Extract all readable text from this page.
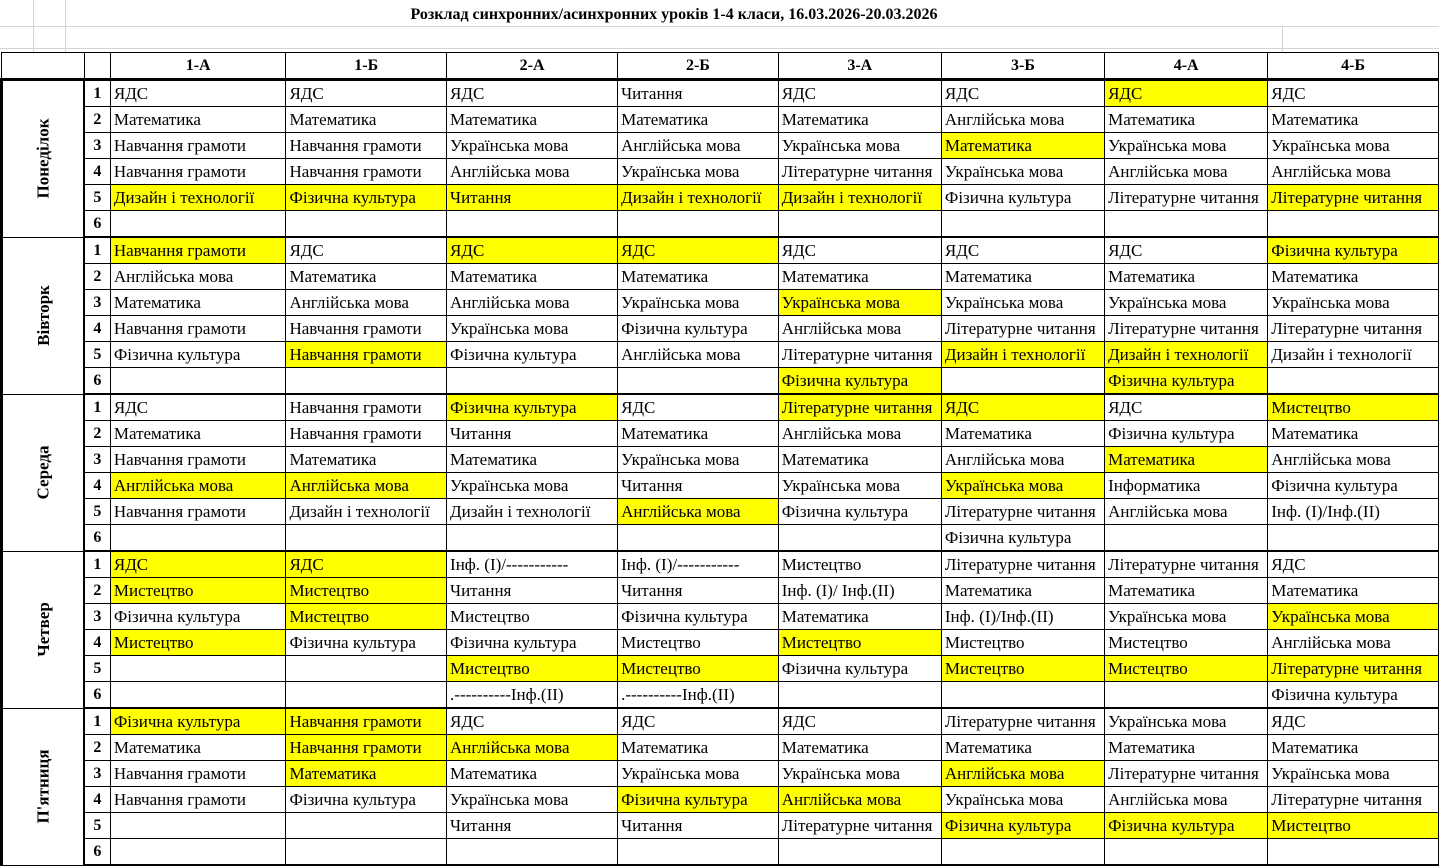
Розклад синхронних/асинхронних уроків 1-4 класи, 16.03.2026-20.03.2026
		1-А	1-Б	2-А	2-Б	3-А	3-Б	4-А	4-Б
Понеділок	1	ЯДС	ЯДС	ЯДС	Читання	ЯДС	ЯДС	ЯДС	ЯДС
	2	Математика	Математика	Математика	Математика	Математика	Англійська мова	Математика	Математика
	3	Навчання грамоти	Навчання грамоти	Українська мова	Англійська мова	Українська мова	Математика	Українська мова	Українська мова
	4	Навчання грамоти	Навчання грамоти	Англійська мова	Українська мова	Літературне читання	Українська мова	Англійська мова	Англійська мова
	5	Дизайн і технології	Фізична культура	Читання	Дизайн і технології	Дизайн і технології	Фізична культура	Літературне читання	Літературне читання
	6								
Вівторк	1	Навчання грамоти	ЯДС	ЯДС	ЯДС	ЯДС	ЯДС	ЯДС	Фізична культура
	2	Англійська мова	Математика	Математика	Математика	Математика	Математика	Математика	Математика
	3	Математика	Англійська мова	Англійська мова	Українська мова	Українська мова	Українська мова	Українська мова	Українська мова
	4	Навчання грамоти	Навчання грамоти	Українська мова	Фізична культура	Англійська мова	Літературне читання	Літературне читання	Літературне читання
	5	Фізична культура	Навчання грамоти	Фізична культура	Англійська мова	Літературне читання	Дизайн і технології	Дизайн і технології	Дизайн і технології
	6					Фізична культура		Фізична культура	
Середа	1	ЯДС	Навчання грамоти	Фізична культура	ЯДС	Літературне читання	ЯДС	ЯДС	Мистецтво
	2	Математика	Навчання грамоти	Читання	Математика	Англійська мова	Математика	Фізична культура	Математика
	3	Навчання грамоти	Математика	Математика	Українська мова	Математика	Англійська мова	Математика	Англійська мова
	4	Англійська мова	Англійська мова	Українська мова	Читання	Українська мова	Українська мова	Інформатика	Фізична культура
	5	Навчання грамоти	Дизайн і технології	Дизайн і технології	Англійська мова	Фізична культура	Літературне читання	Англійська мова	Інф. (І)/Інф.(ІІ)
	6						Фізична культура		
Четвер	1	ЯДС	ЯДС	Інф. (І)/-----------	Інф. (І)/-----------	Мистецтво	Літературне читання	Літературне читання	ЯДС
	2	Мистецтво	Мистецтво	Читання	Читання	Інф. (І)/ Інф.(ІІ)	Математика	Математика	Математика
	3	Фізична культура	Мистецтво	Мистецтво	Фізична культура	Математика	Інф. (І)/Інф.(ІІ)	Українська мова	Українська мова
	4	Мистецтво	Фізична культура	Фізична культура	Мистецтво	Мистецтво	Мистецтво	Мистецтво	Англійська мова
	5			Мистецтво	Мистецтво	Фізична культура	Мистецтво	Мистецтво	Літературне читання
	6			.----------Інф.(ІІ)	.----------Інф.(ІІ)				Фізична культура
П'ятниця	1	Фізична культура	Навчання грамоти	ЯДС	ЯДС	ЯДС	Літературне читання	Українська мова	ЯДС
	2	Математика	Навчання грамоти	Англійська мова	Математика	Математика	Математика	Математика	Математика
	3	Навчання грамоти	Математика	Математика	Українська мова	Українська мова	Англійська мова	Літературне читання	Українська мова
	4	Навчання грамоти	Фізична культура	Українська мова	Фізична культура	Англійська мова	Українська мова	Англійська мова	Літературне читання
	5			Читання	Читання	Літературне читання	Фізична культура	Фізична культура	Мистецтво
	6								
